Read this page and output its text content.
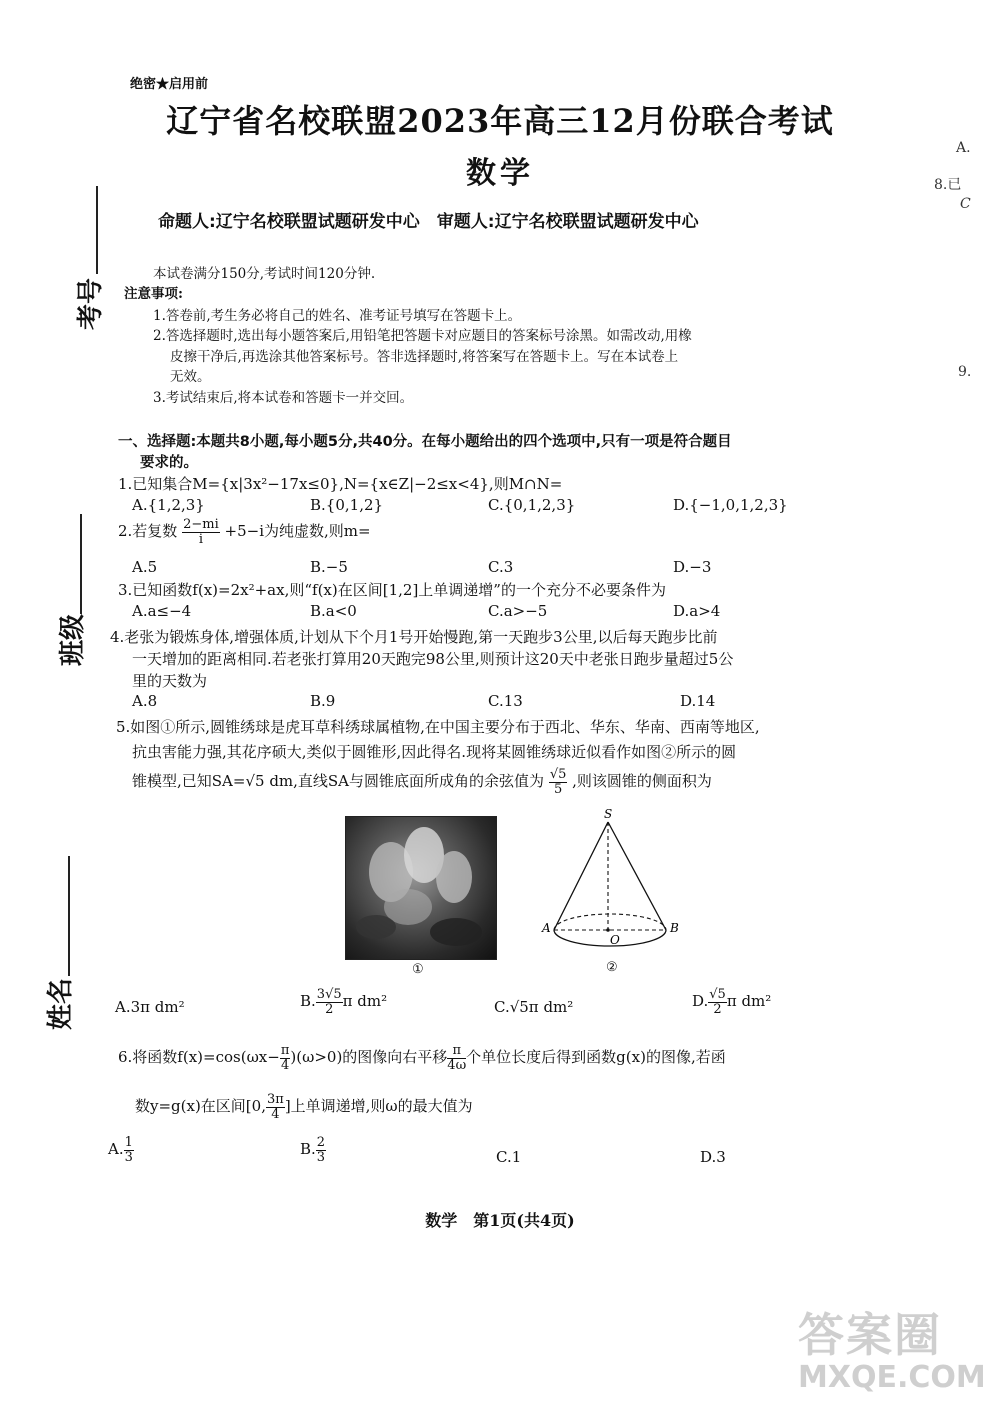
绝密★启用前
辽宁省名校联盟2023年高三12月份联合考试
数学
命题人:辽宁名校联盟试题研发中心　审题人:辽宁名校联盟试题研发中心
考号
班级
姓名
A.
8.已
C
9.
本试卷满分150分,考试时间120分钟.
注意事项:
1.答卷前,考生务必将自己的姓名、准考证号填写在答题卡上。
2.答选择题时,选出每小题答案后,用铅笔把答题卡对应题目的答案标号涂黑。如需改动,用橡
皮擦干净后,再选涂其他答案标号。答非选择题时,将答案写在答题卡上。写在本试卷上
无效。
3.考试结束后,将本试卷和答题卡一并交回。
一、选择题:本题共8小题,每小题5分,共40分。在每小题给出的四个选项中,只有一项是符合题目
要求的。
1.已知集合M={x|3x²−17x≤0},N={x∈Z|−2≤x<4},则M∩N=
A.{1,2,3}	B.{0,1,2}	C.{0,1,2,3}	D.{−1,0,1,2,3}
2.若复数 $\frac{2-mi}{i} +5-i$为纯虚数,则m=
A.5	B.−5	C.3	D.−3
3.已知函数f(x)=2x²+ax,则“f(x)在区间[1,2]上单调递增”的一个充分不必要条件为
A.a≤−4	B.a<0	C.a>−5	D.a>4
4.老张为锻炼身体,增强体质,计划从下个月1号开始慢跑,第一天跑步3公里,以后每天跑步比前
一天增加的距离相同.若老张打算用20天跑完98公里,则预计这20天中老张日跑步量超过5公
里的天数为
A.8	B.9	C.13	D.14
5.如图①所示,圆锥绣球是虎耳草科绣球属植物,在中国主要分布于西北、华东、华南、西南等地区,
抗虫害能力强,其花序硕大,类似于圆锥形,因此得名.现将某圆锥绣球近似看作如图②所示的圆
锥模型,已知SA=√5 dm,直线SA与圆锥底面所成角的余弦值为 $\frac{√5}{5}$ ,则该圆锥的侧面积为
①
S
A
O
B
②
A.3π dm²	B. $\frac{3√5}{2}$ π dm²	C.√5π dm²	D. $\frac{√5}{2}$ π dm²
6.将函数$f(x)=\cos(\omega x- \frac{\pi}{4} )(\omega>0)$的图像向右平移 $\frac{\pi}{4\omega}$ 个单位长度后得到函数g(x)的图像,若函
数y=g(x)在区间[0, $\frac{3\pi}{4}$ ]上单调递增,则ω的最大值为
A. $\frac{1}{3}$	B. $\frac{2}{3}$	C.1	D.3
数学　第1页(共4页)
答案圈
MXQE.COM
